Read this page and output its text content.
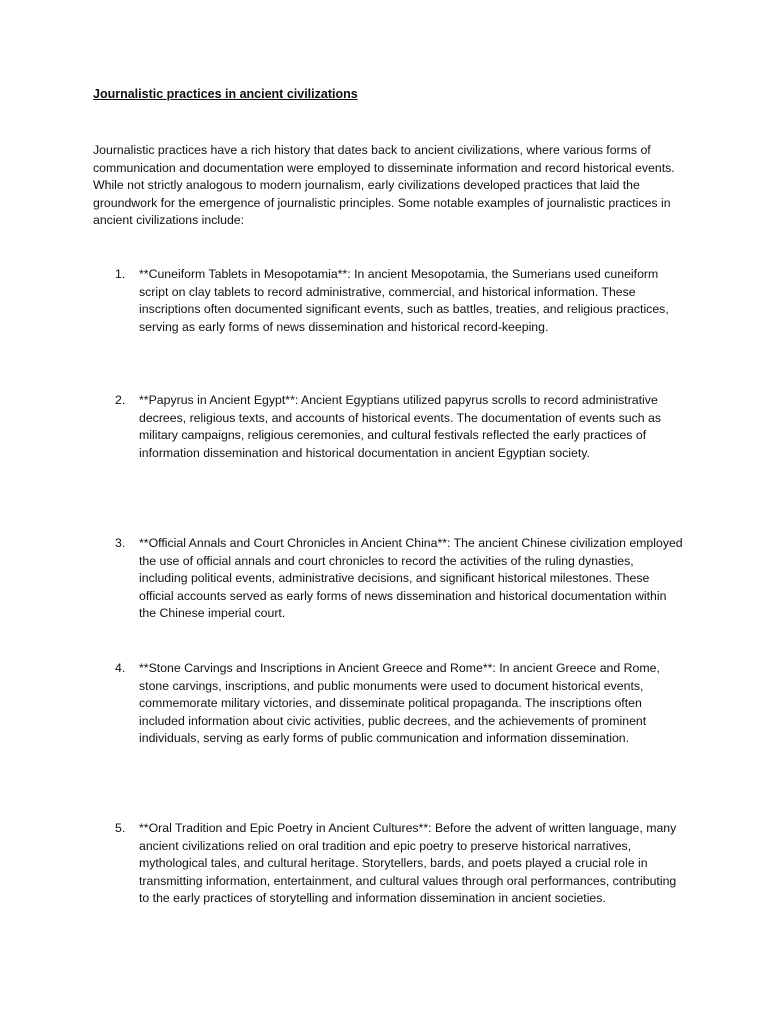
Journalistic practices in ancient civilizations

Journalistic practices have a rich history that dates back to ancient civilizations, where various forms of communication and documentation were employed to disseminate information and record historical events. While not strictly analogous to modern journalism, early civilizations developed practices that laid the groundwork for the emergence of journalistic principles. Some notable examples of journalistic practices in ancient civilizations include:

1. **Cuneiform Tablets in Mesopotamia**: In ancient Mesopotamia, the Sumerians used cuneiform script on clay tablets to record administrative, commercial, and historical information. These inscriptions often documented significant events, such as battles, treaties, and religious practices, serving as early forms of news dissemination and historical record-keeping.

2. **Papyrus in Ancient Egypt**: Ancient Egyptians utilized papyrus scrolls to record administrative decrees, religious texts, and accounts of historical events. The documentation of events such as military campaigns, religious ceremonies, and cultural festivals reflected the early practices of information dissemination and historical documentation in ancient Egyptian society.

3. **Official Annals and Court Chronicles in Ancient China**: The ancient Chinese civilization employed the use of official annals and court chronicles to record the activities of the ruling dynasties, including political events, administrative decisions, and significant historical milestones. These official accounts served as early forms of news dissemination and historical documentation within the Chinese imperial court.

4. **Stone Carvings and Inscriptions in Ancient Greece and Rome**: In ancient Greece and Rome, stone carvings, inscriptions, and public monuments were used to document historical events, commemorate military victories, and disseminate political propaganda. The inscriptions often included information about civic activities, public decrees, and the achievements of prominent individuals, serving as early forms of public communication and information dissemination.

5. **Oral Tradition and Epic Poetry in Ancient Cultures**: Before the advent of written language, many ancient civilizations relied on oral tradition and epic poetry to preserve historical narratives, mythological tales, and cultural heritage. Storytellers, bards, and poets played a crucial role in transmitting information, entertainment, and cultural values through oral performances, contributing to the early practices of storytelling and information dissemination in ancient societies.
